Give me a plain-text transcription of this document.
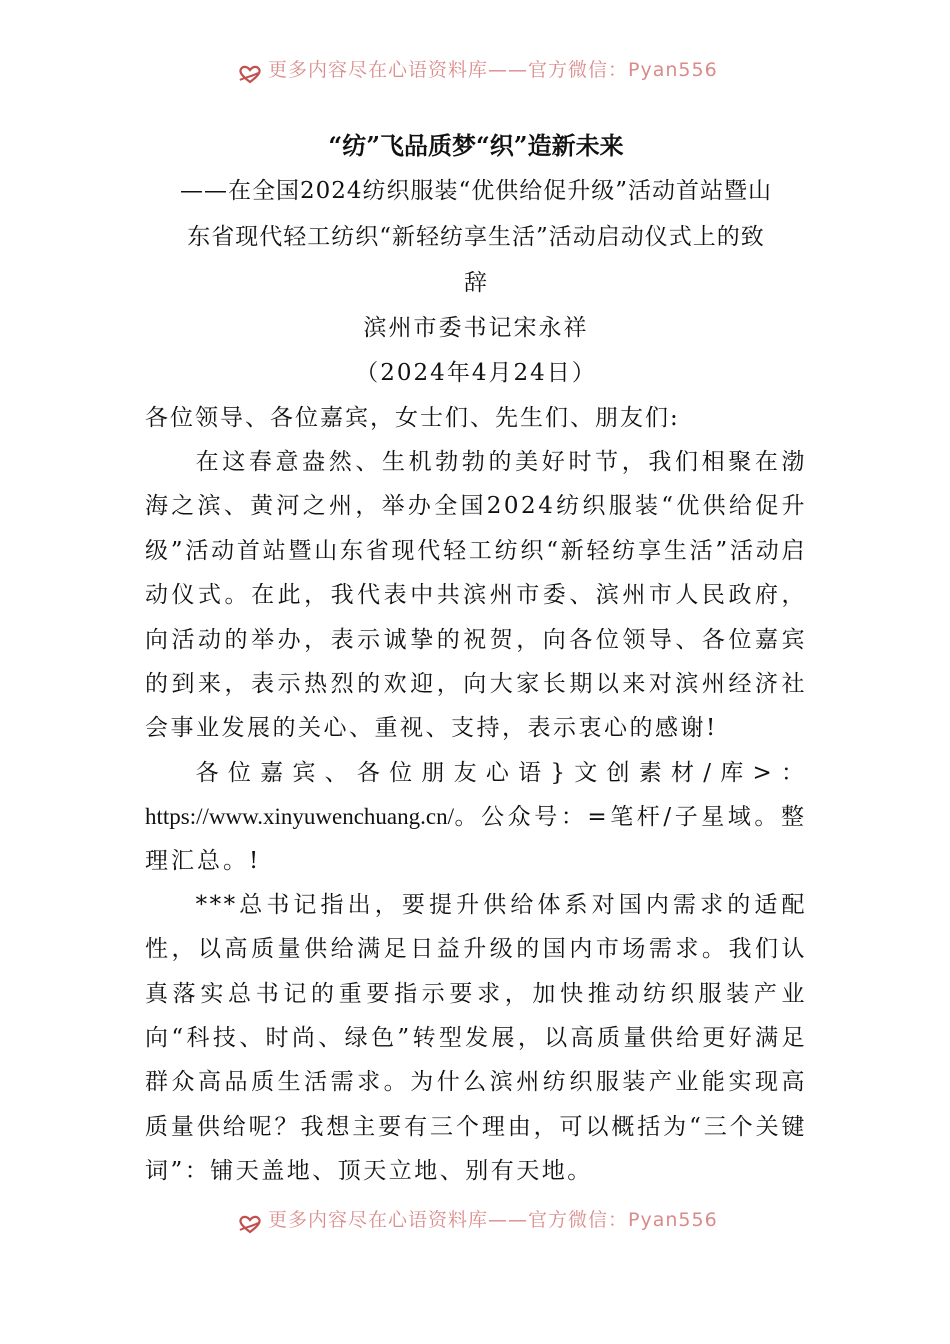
更多内容尽在心语资料库——官方微信：Pyan556
“纺”飞品质梦“织”造新未来

——在全国2024纺织服装“优供给促升级”活动首站暨山

东省现代轻工纺织“新轻纺享生活”活动启动仪式上的致

辞

滨州市委书记宋永祥

（2024年4月24日）

各位领导、各位嘉宾，女士们、先生们、朋友们:

在这春意盎然、生机勃勃的美好时节，我们相聚在渤海之滨、黄河之州，举办全国2024纺织服装“优供给促升级”活动首站暨山东省现代轻工纺织“新轻纺享生活”活动启动仪式。在此，我代表中共滨州市委、滨州市人民政府，向活动的举办，表示诚挚的祝贺，向各位领导、各位嘉宾的到来，表示热烈的欢迎，向大家长期以来对滨州经济社会事业发展的关心、重视、支持，表示衷心的感谢!

各位嘉宾、各位朋友心语}文创素材/库>： https://www.xinyuwenchuang.cn/。公众号：=笔杆/子星域。整理汇总。!

***总书记指出，要提升供给体系对国内需求的适配性，以高质量供给满足日益升级的国内市场需求。我们认真落实总书记的重要指示要求，加快推动纺织服装产业向“科技、时尚、绿色”转型发展，以高质量供给更好满足群众高品质生活需求。为什么滨州纺织服装产业能实现高质量供给呢？我想主要有三个理由，可以概括为“三个关键词”：铺天盖地、顶天立地、别有天地。

更多内容尽在心语资料库——官方微信：Pyan556
